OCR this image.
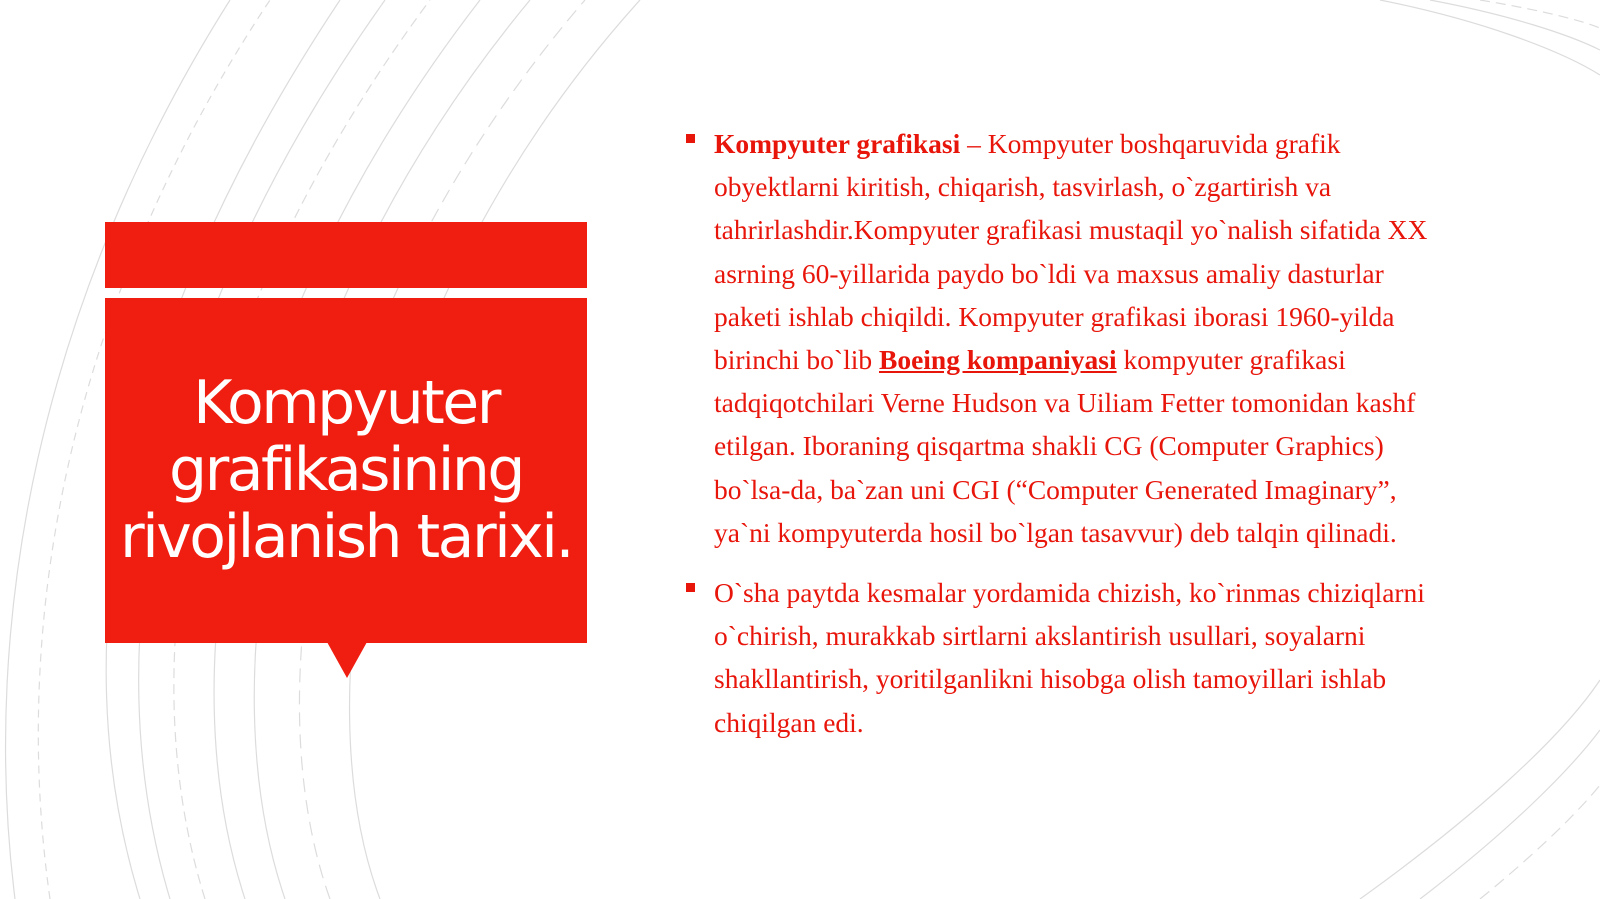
Kompyuter grafikasining rivojlanish tarixi.

Kompyuter grafikasi – Kompyuter boshqaruvida grafik obyektlarni kiritish, chiqarish, tasvirlash, o`zgartirish va tahrirlashdir.Kompyuter grafikasi mustaqil yo`nalish sifatida XX asrning 60-yillarida paydo bo`ldi va maxsus amaliy dasturlar paketi ishlab chiqildi. Kompyuter grafikasi iborasi 1960-yilda birinchi bo`lib Boeing kompaniyasi kompyuter grafikasi tadqiqotchilari Verne Hudson va Uiliam Fetter tomonidan kashf etilgan. Iboraning qisqartma shakli CG (Computer Graphics) bo`lsa-da, ba`zan uni CGI (“Computer Generated Imaginary”, ya`ni kompyuterda hosil bo`lgan tasavvur) deb talqin qilinadi.

O`sha paytda kesmalar yordamida chizish, ko`rinmas chiziqlarni o`chirish, murakkab sirtlarni akslantirish usullari, soyalarni shakllantirish, yoritilganlikni hisobga olish tamoyillari ishlab chiqilgan edi.
